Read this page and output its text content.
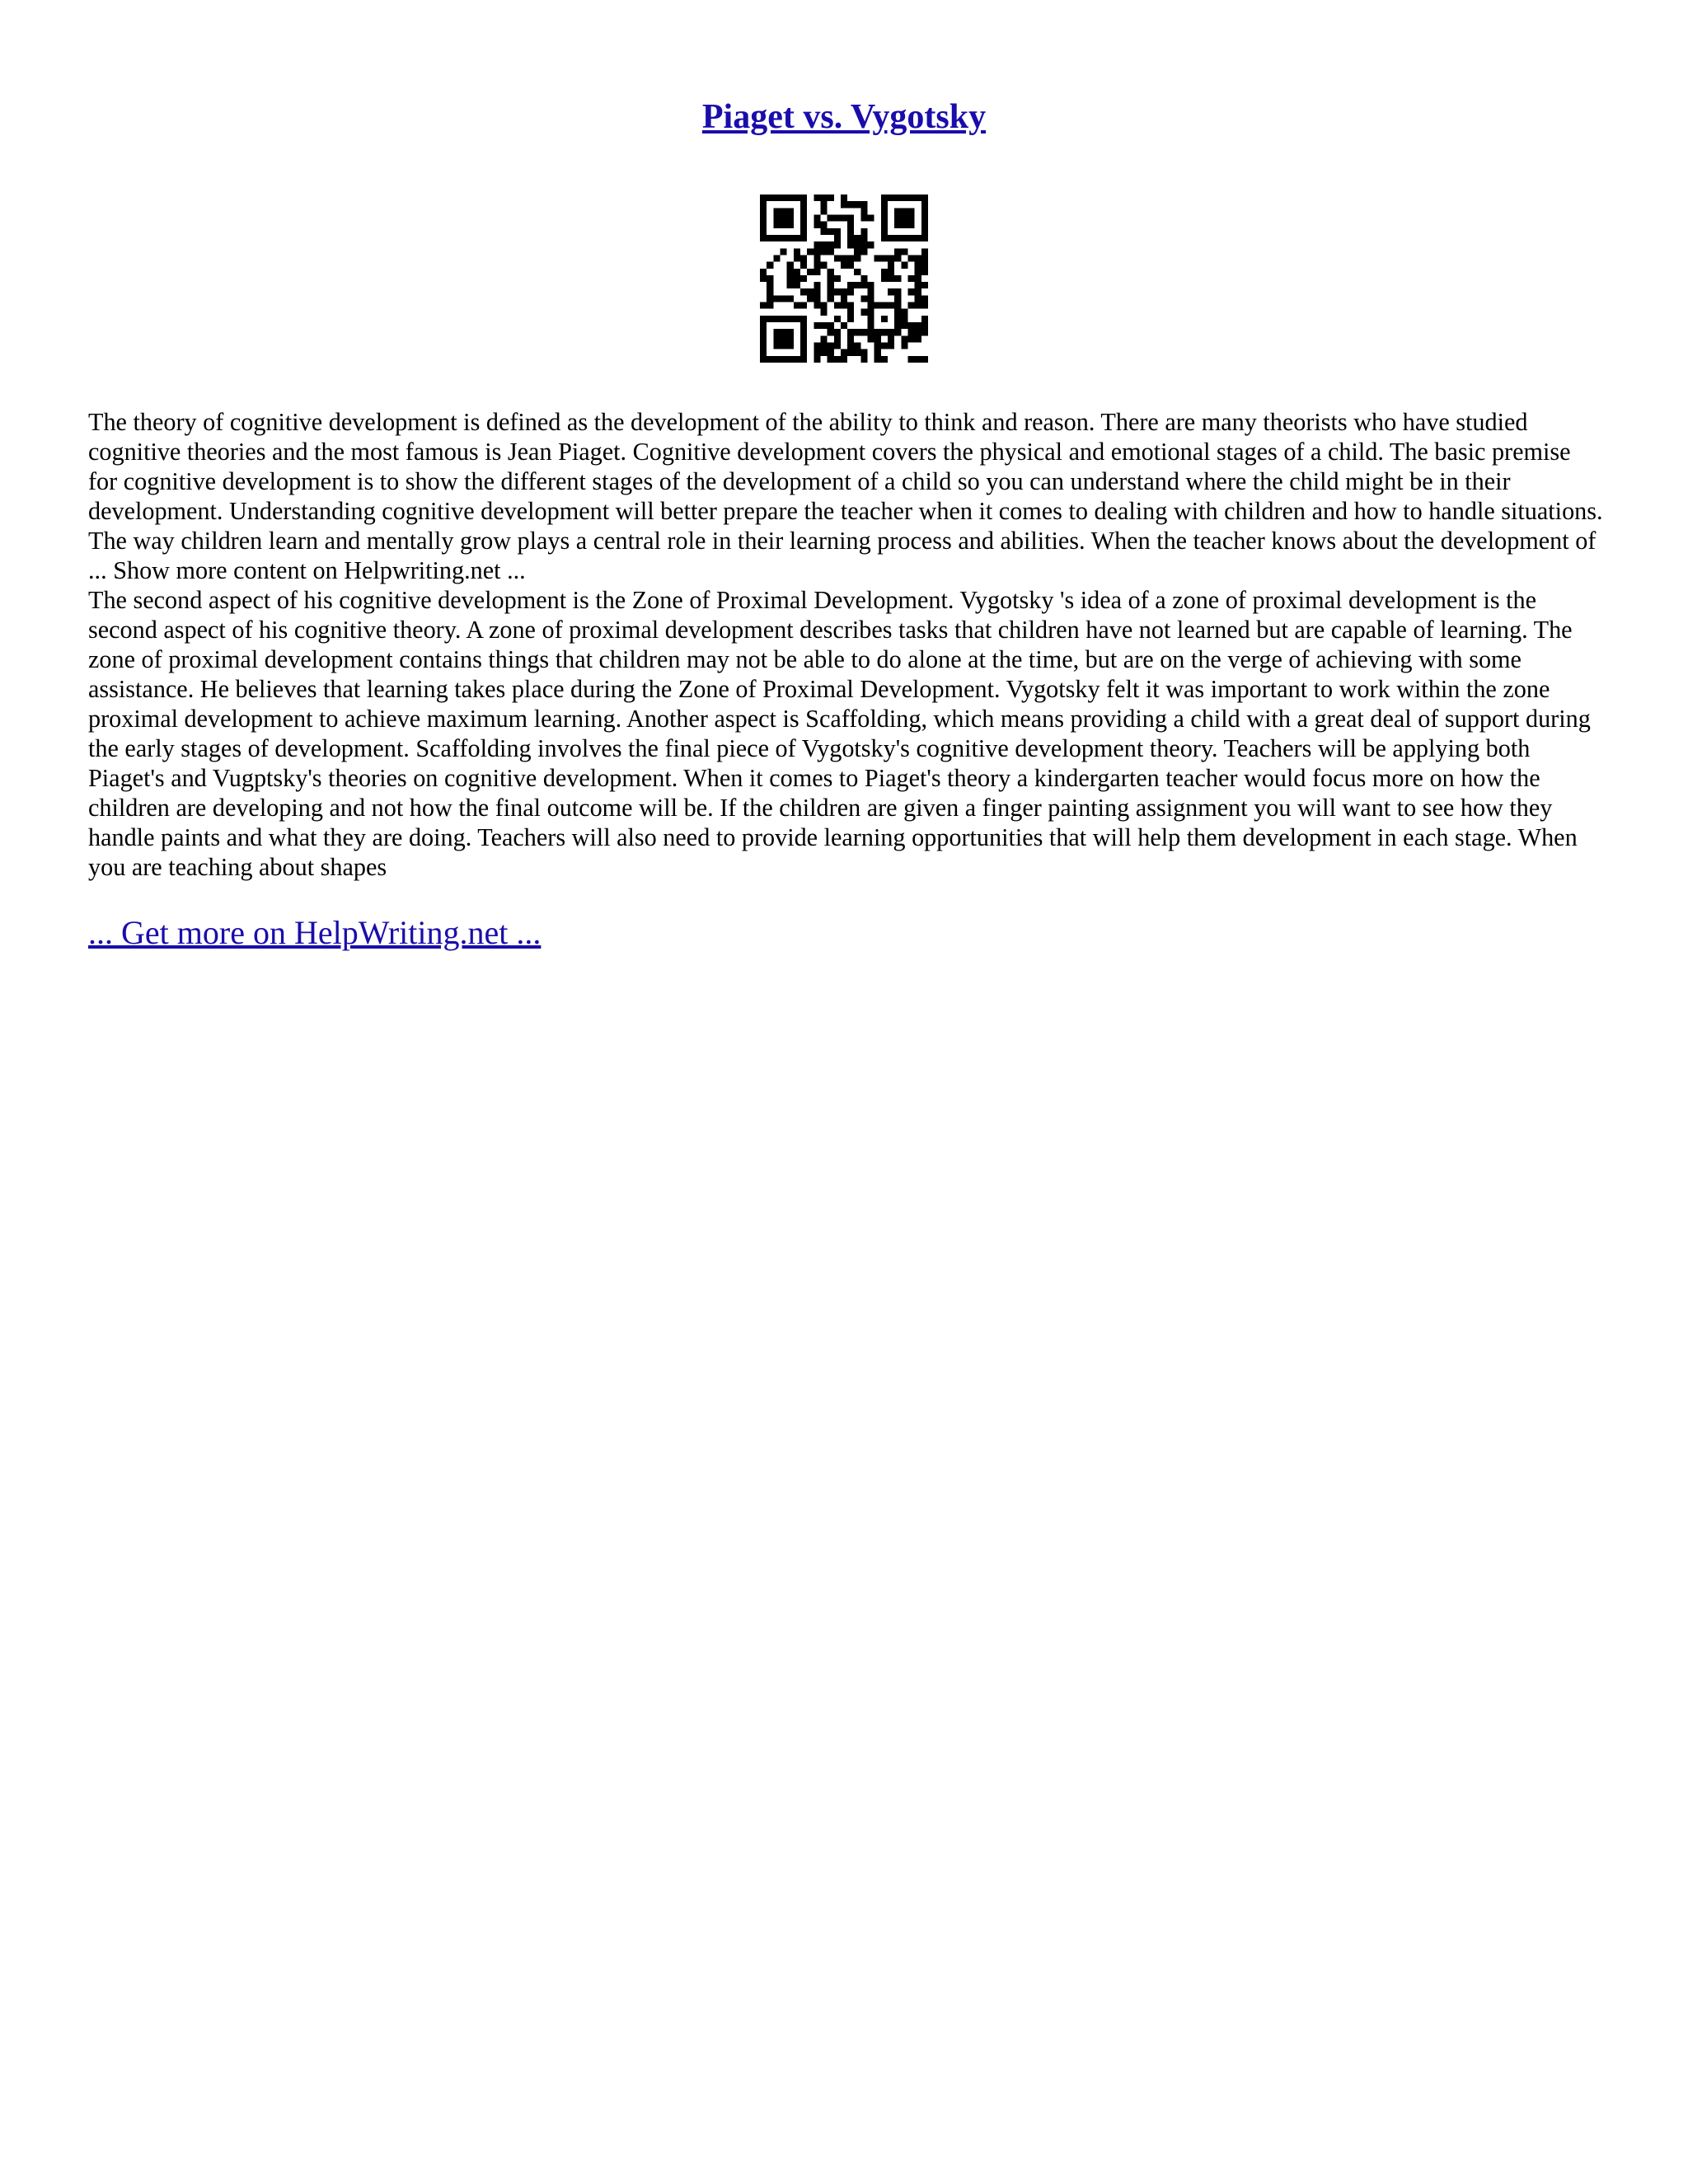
Piaget vs. Vygotsky

The theory of cognitive development is defined as the development of the ability to think and reason. There are many theorists who have studied cognitive theories and the most famous is Jean Piaget. Cognitive development covers the physical and emotional stages of a child. The basic premise for cognitive development is to show the different stages of the development of a child so you can understand where the child might be in their development. Understanding cognitive development will better prepare the teacher when it comes to dealing with children and how to handle situations. The way children learn and mentally grow plays a central role in their learning process and abilities. When the teacher knows about the development of ... Show more content on Helpwriting.net ...

The second aspect of his cognitive development is the Zone of Proximal Development. Vygotsky 's idea of a zone of proximal development is the second aspect of his cognitive theory. A zone of proximal development describes tasks that children have not learned but are capable of learning. The zone of proximal development contains things that children may not be able to do alone at the time, but are on the verge of achieving with some assistance. He believes that learning takes place during the Zone of Proximal Development. Vygotsky felt it was important to work within the zone proximal development to achieve maximum learning. Another aspect is Scaffolding, which means providing a child with a great deal of support during the early stages of development. Scaffolding involves the final piece of Vygotsky's cognitive development theory. Teachers will be applying both Piaget's and Vugptsky's theories on cognitive development. When it comes to Piaget's theory a kindergarten teacher would focus more on how the children are developing and not how the final outcome will be. If the children are given a finger painting assignment you will want to see how they handle paints and what they are doing. Teachers will also need to provide learning opportunities that will help them development in each stage. When you are teaching about shapes

... Get more on HelpWriting.net ...
